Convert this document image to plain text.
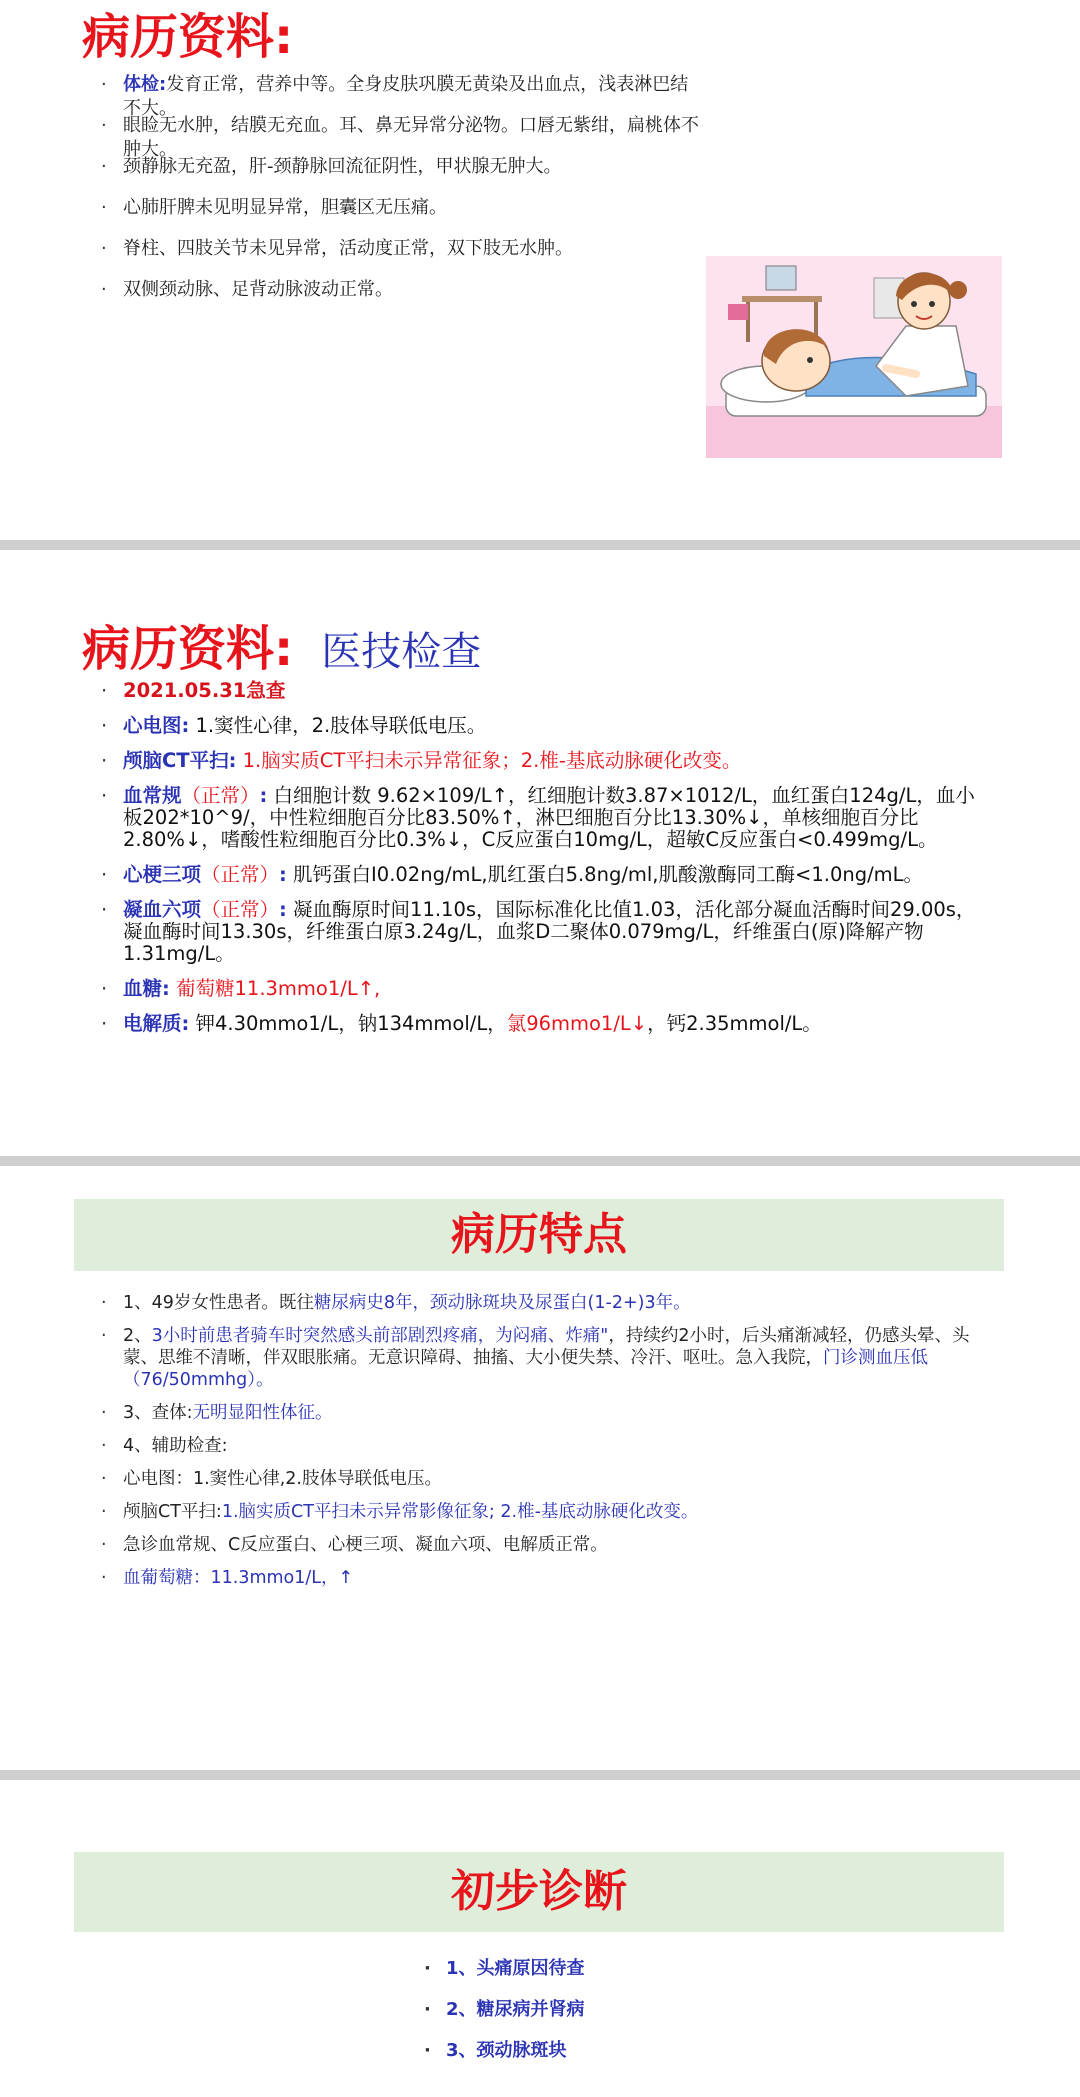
病历资料:
· 体检:发育正常，营养中等。全身皮肤巩膜无黄染及出血点，浅表淋巴结不大。
· 眼睑无水肿，结膜无充血。耳、鼻无异常分泌物。口唇无紫绀，扁桃体不肿大。
· 颈静脉无充盈，肝-颈静脉回流征阴性，甲状腺无肿大。
· 心肺肝脾未见明显异常，胆囊区无压痛。
· 脊柱、四肢关节未见异常，活动度正常，双下肢无水肿。
· 双侧颈动脉、足背动脉波动正常。
病历资料: 医技检查
· 2021.05.31急查
· 心电图: 1.窦性心律，2.肢体导联低电压。
· 颅脑CT平扫: 1.脑实质CT平扫未示异常征象；2.椎-基底动脉硬化改变。
· 血常规（正常）: 白细胞计数 9.62×109/L↑，红细胞计数3.87×1012/L，血红蛋白124g/L，血小板202*10^9/，中性粒细胞百分比83.50%↑，淋巴细胞百分比13.30%↓，单核细胞百分比2.80%↓，嗜酸性粒细胞百分比0.3%↓，C反应蛋白10mg/L，超敏C反应蛋白<0.499mg/L。
· 心梗三项（正常）: 肌钙蛋白I0.02ng/mL,肌红蛋白5.8ng/ml,肌酸激酶同工酶<1.0ng/mL。
· 凝血六项（正常）: 凝血酶原时间11.10s，国际标准化比值1.03，活化部分凝血活酶时间29.00s，凝血酶时间13.30s，纤维蛋白原3.24g/L，血浆D二聚体0.079mg/L，纤维蛋白(原)降解产物1.31mg/L。
· 血糖: 葡萄糖11.3mmo1/L↑,
· 电解质: 钾4.30mmo1/L，钠134mmol/L，氯96mmo1/L↓，钙2.35mmol/L。
病历特点
· 1、49岁女性患者。既往糖尿病史8年，颈动脉斑块及尿蛋白(1-2+)3年。
· 2、3小时前患者骑车时突然感头前部剧烈疼痛，为闷痛、炸痛"，持续约2小时，后头痛渐减轻，仍感头晕、头蒙、思维不清晰，伴双眼胀痛。无意识障碍、抽搐、大小便失禁、冷汗、呕吐。急入我院，门诊测血压低（76/50mmhg）。
· 3、查体:无明显阳性体征。
· 4、辅助检查:
· 心电图：1.窦性心律,2.肢体导联低电压。
· 颅脑CT平扫:1.脑实质CT平扫未示异常影像征象; 2.椎-基底动脉硬化改变。
· 急诊血常规、C反应蛋白、心梗三项、凝血六项、电解质正常。
· 血葡萄糖：11.3mmo1/L，↑
初步诊断
· 1、头痛原因待查
· 2、糖尿病并肾病
· 3、颈动脉斑块
